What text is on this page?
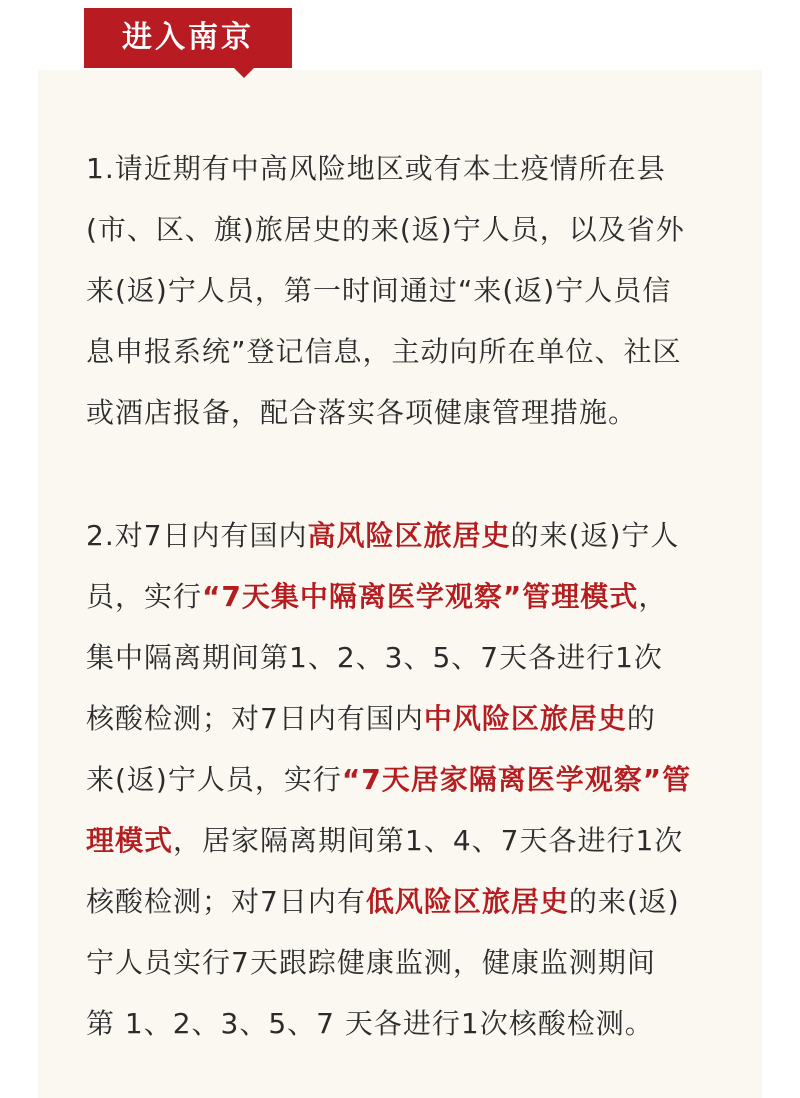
进入南京
1.请近期有中高风险地区或有本土疫情所在县
(市、区、旗)旅居史的来(返)宁人员，以及省外
来(返)宁人员，第一时间通过“来(返)宁人员信
息申报系统”登记信息，主动向所在单位、社区
或酒店报备，配合落实各项健康管理措施。
2.对7日内有国内高风险区旅居史的来(返)宁人
员，实行“7天集中隔离医学观察”管理模式，
集中隔离期间第1、2、3、5、7天各进行1次
核酸检测；对7日内有国内中风险区旅居史的
来(返)宁人员，实行“7天居家隔离医学观察”管
理模式，居家隔离期间第1、4、7天各进行1次
核酸检测；对7日内有低风险区旅居史的来(返)
宁人员实行7天跟踪健康监测，健康监测期间
第 1、2、3、5、7 天各进行1次核酸检测。
